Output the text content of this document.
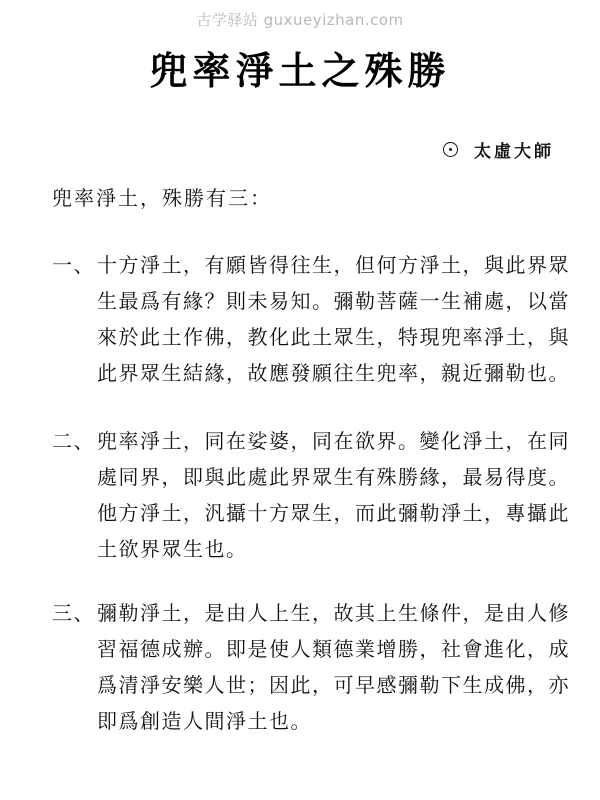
古学驿站 guxueyizhan.com
兜率淨土之殊勝
太虛大師
兜率淨土，殊勝有三：
一、 十方淨土，有願皆得往生，但何方淨土，與此界眾
生最爲有緣？則未易知。彌勒菩薩一生補處，以當
來於此土作佛，教化此土眾生，特現兜率淨土，與
此界眾生結緣，故應發願往生兜率，親近彌勒也。
二、 兜率淨土，同在娑婆，同在欲界。變化淨土，在同
處同界，即與此處此界眾生有殊勝緣，最易得度。
他方淨土，汎攝十方眾生，而此彌勒淨土，專攝此
土欲界眾生也。
三、 彌勒淨土，是由人上生，故其上生條件，是由人修
習福德成辦。即是使人類德業增勝，社會進化，成
爲清淨安樂人世；因此，可早感彌勒下生成佛，亦
即爲創造人間淨土也。
